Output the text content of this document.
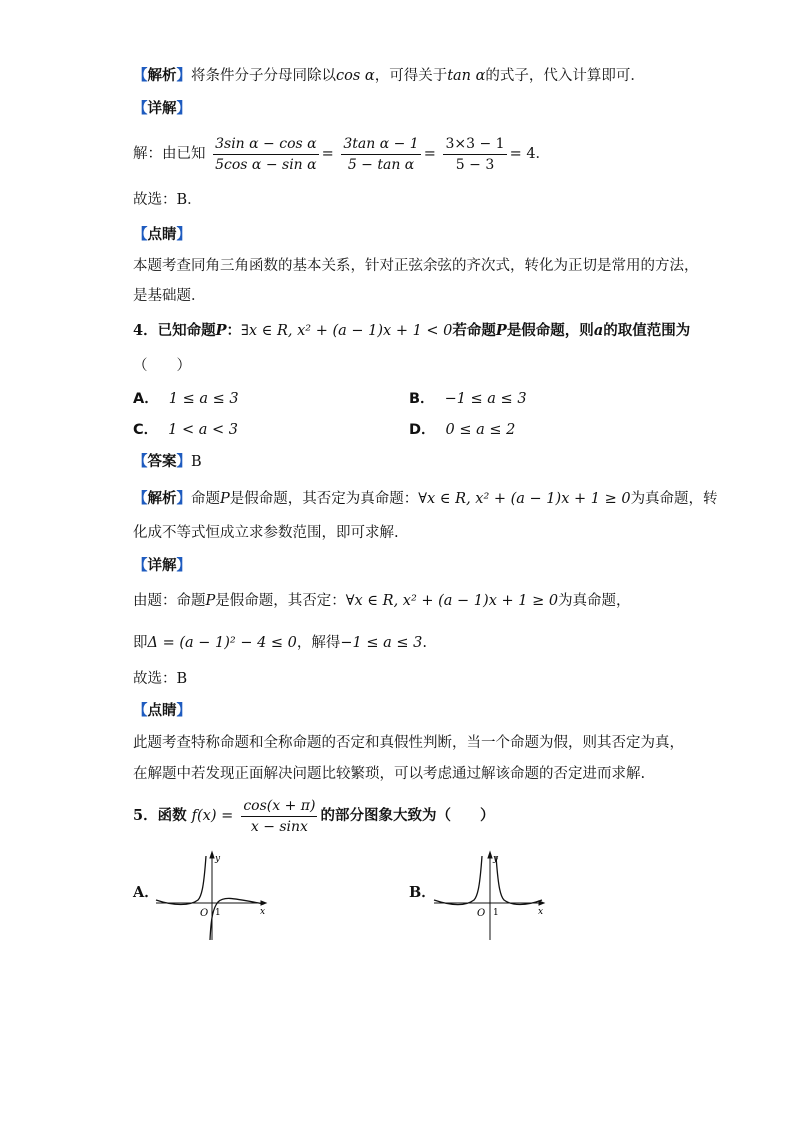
【解析】将条件分子分母同除以cos α，可得关于tan α的式子，代入计算即可．
【详解】
解：由已知 $\frac{\text{3sin α − cos α}}{\text{5cos α − sin α}} = \frac{\text{3tan α − 1}}{\text{5 − tan α}} = \frac{3\times 3 - 1}{5 - 3} = 4$．
故选：B．
【点睛】
本题考查同角三角函数的基本关系，针对正弦余弦的齐次式，转化为正切是常用的方法，
是基础题．
4．已知命题P：∃x ∈ R, x² + (a − 1)x + 1 < 0若命题P是假命题，则a的取值范围为
（　　）
A． 1 ≤ a ≤ 3	B． −1 ≤ a ≤ 3
C． 1 < a < 3	D． 0 ≤ a ≤ 2
【答案】B
【解析】命题P是假命题，其否定为真命题：∀x ∈ R, x² + (a − 1)x + 1 ≥ 0为真命题，转
化成不等式恒成立求参数范围，即可求解.
【详解】
由题：命题P是假命题，其否定：∀x ∈ R, x² + (a − 1)x + 1 ≥ 0为真命题，
即Δ = (a − 1)² − 4 ≤ 0，解得−1 ≤ a ≤ 3.
故选：B
【点睛】
此题考查特称命题和全称命题的否定和真假性判断，当一个命题为假，则其否定为真，
在解题中若发现正面解决问题比较繁琐，可以考虑通过解该命题的否定进而求解.
5．函数 $f(x) = \frac{\cos(x + \pi)}{x - \sin x}$ 的部分图象大致为（　　）
A．
O 1
y
x
B．
O 1
y
x
